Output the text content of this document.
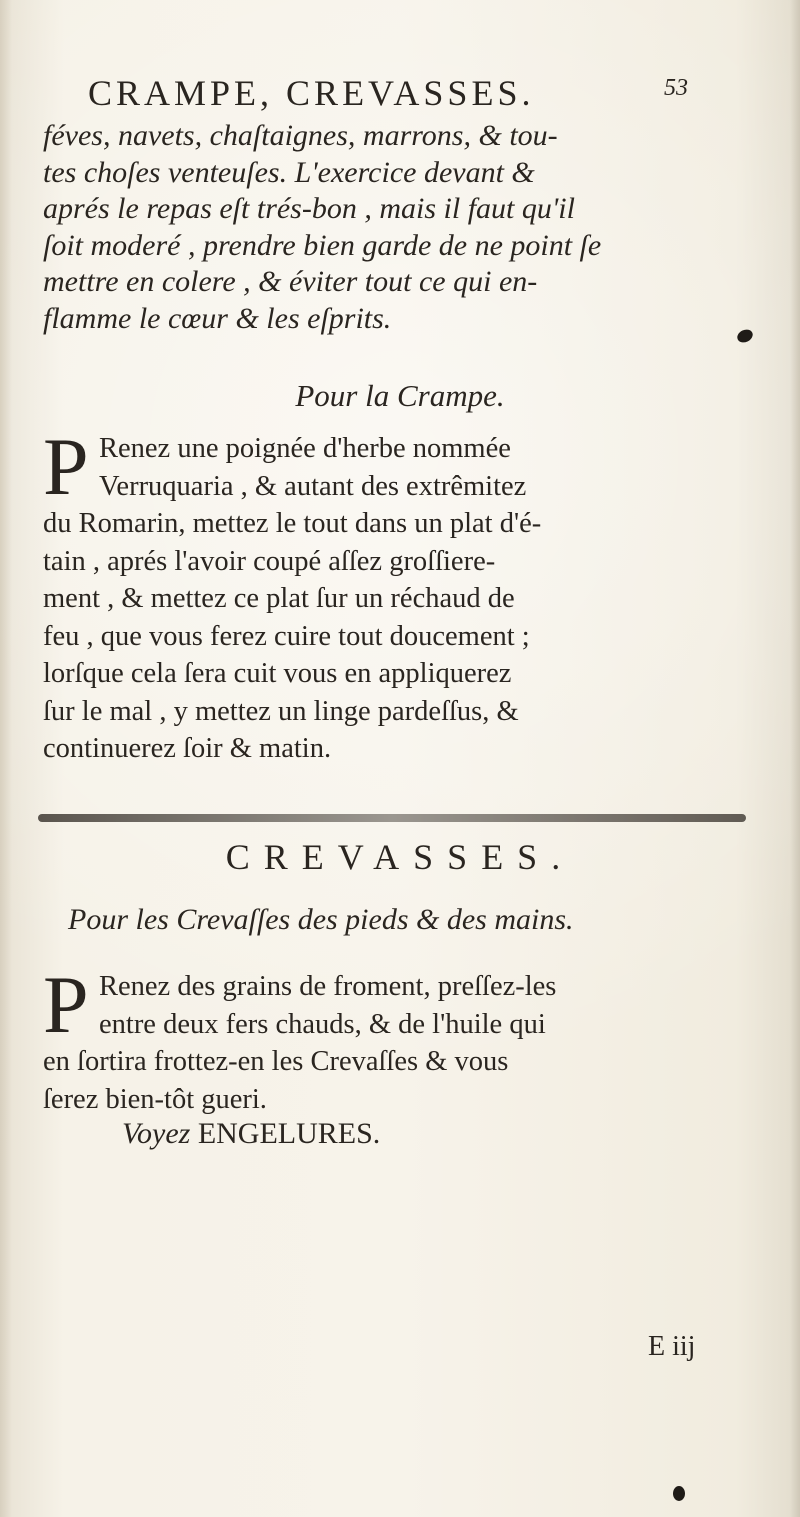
CRAMPE, CREVASSES.	53
féves, navets, chaſtaignes, marrons, & tou-
tes choſes venteuſes. L'exercice devant &
aprés le repas eſt trés-bon , mais il faut qu'il
ſoit moderé , prendre bien garde de ne point ſe
mettre en colere , & éviter tout ce qui en-
flamme le cœur & les eſprits.
Pour la Crampe.
P Renez une poignée d'herbe nommée
Verruquaria , & autant des extrêmitez
du Romarin, mettez le tout dans un plat d'é-
tain , aprés l'avoir coupé aſſez groſſiere-
ment , & mettez ce plat ſur un réchaud de
feu , que vous ferez cuire tout doucement ;
lorſque cela ſera cuit vous en appliquerez
ſur le mal , y mettez un linge pardeſſus, &
continuerez ſoir & matin.
CREVASSES.
Pour les Crevaſſes des pieds & des mains.
P Renez des grains de froment, preſſez-les
entre deux fers chauds, & de l'huile qui
en ſortira frottez-en les Crevaſſes & vous
ſerez bien-tôt gueri.
Voyez ENGELURES.
E iij
